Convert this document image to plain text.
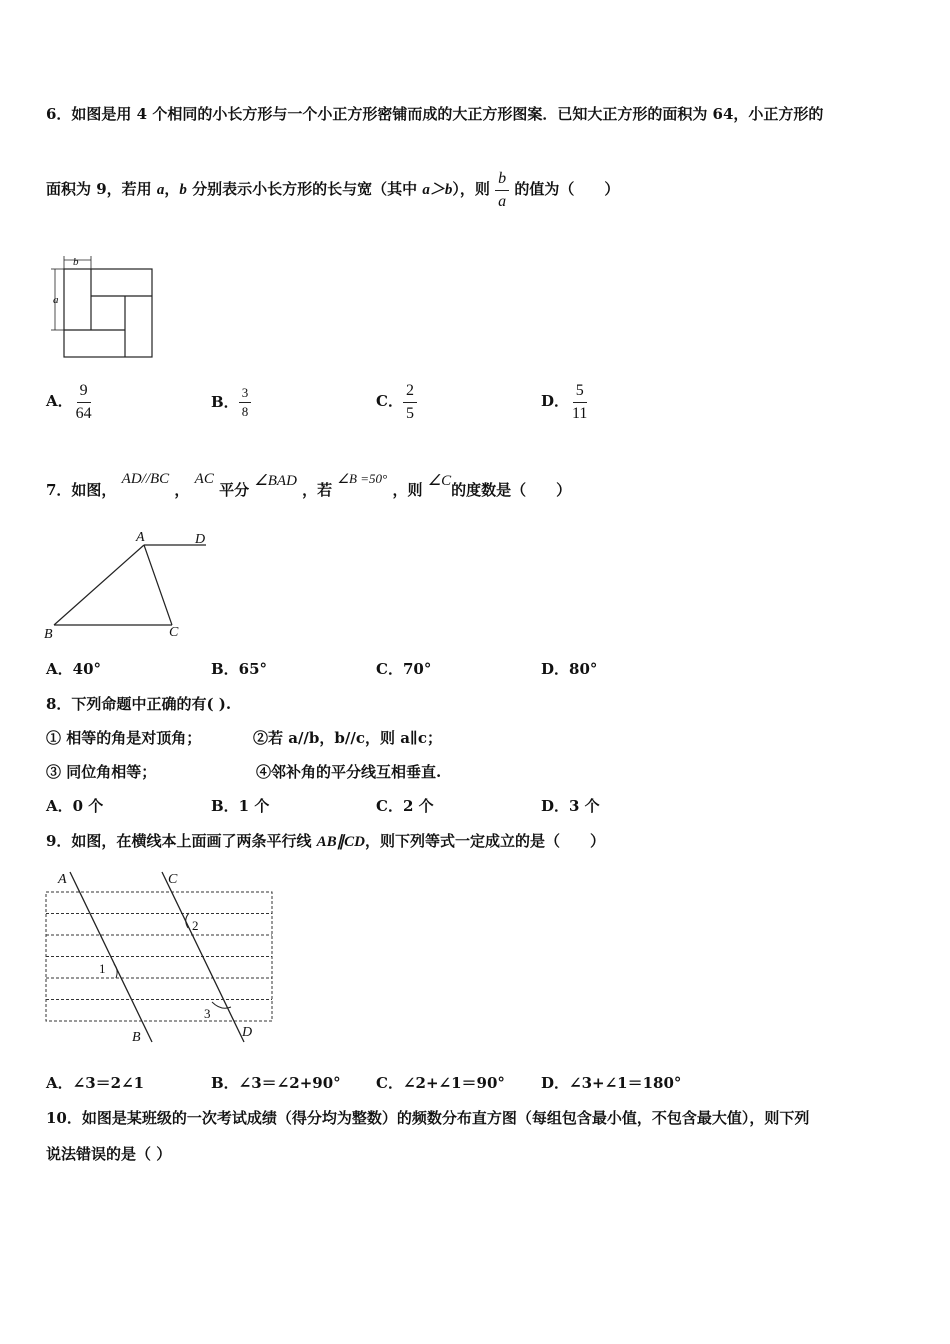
6．如图是用 4 个相同的小长方形与一个小正方形密铺而成的大正方形图案．已知大正方形的面积为 64，小正方形的
面积为 9，若用 a，b 分别表示小长方形的长与宽（其中 a＞b），则 $\frac{b}{a}$ 的值为（　　）
b
a
A． $\frac{9}{64}$	B． $\frac{3}{8}$	C． $\frac{2}{5}$	D． $\frac{5}{11}$
7．如图， AD//BC ， AC 平分 ∠BAD ，若 ∠B =50° ，则 ∠C的度数是（　　）
A	D
B	C
A．40°	B．65°	C．70°	D．80°
8．下列命题中正确的有( ).
① 相等的角是对顶角；	②若 a//b，b//c，则 a∥c；
③ 同位角相等；	④邻补角的平分线互相垂直.
A．0 个	B．1 个	C．2 个	D．3 个
9．如图，在横线本上面画了两条平行线 AB∥CD，则下列等式一定成立的是（　　）
A	C
B	D
1
2
3
A．∠3＝2∠1	B．∠3＝∠2+90° C．∠2+∠1＝90° D．∠3+∠1＝180°
10．如图是某班级的一次考试成绩（得分均为整数）的频数分布直方图（每组包含最小值，不包含最大值），则下列
说法错误的是（ ）
